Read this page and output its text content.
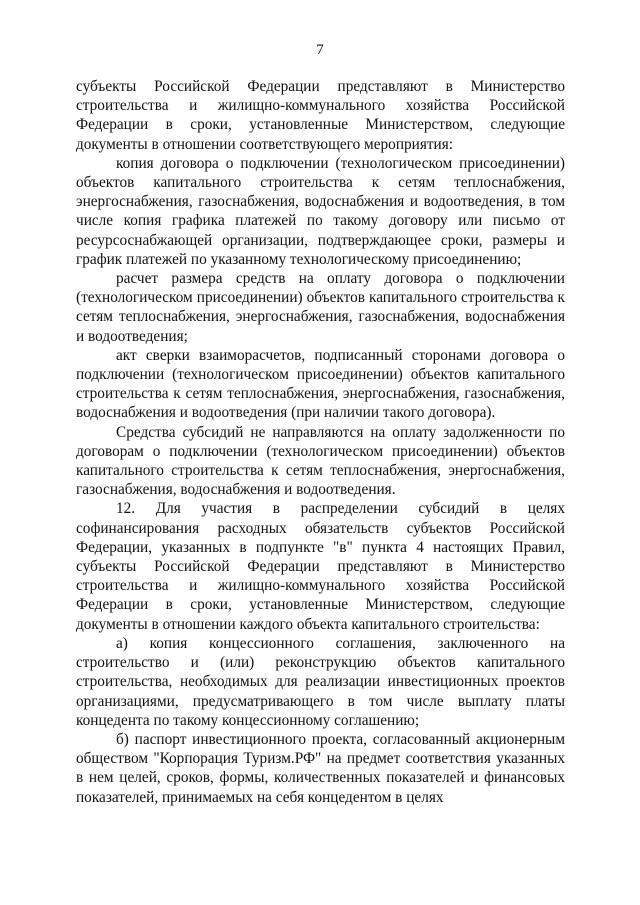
7

субъекты Российской Федерации представляют в Министерство строительства и жилищно-коммунального хозяйства Российской Федерации в сроки, установленные Министерством, следующие документы в отношении соответствующего мероприятия:

копия договора о подключении (технологическом присоединении) объектов капитального строительства к сетям теплоснабжения, энергоснабжения, газоснабжения, водоснабжения и водоотведения, в том числе копия графика платежей по такому договору или письмо от ресурсоснабжающей организации, подтверждающее сроки, размеры и график платежей по указанному технологическому присоединению;

расчет размера средств на оплату договора о подключении (технологическом присоединении) объектов капитального строительства к сетям теплоснабжения, энергоснабжения, газоснабжения, водоснабжения и водоотведения;

акт сверки взаиморасчетов, подписанный сторонами договора о подключении (технологическом присоединении) объектов капитального строительства к сетям теплоснабжения, энергоснабжения, газоснабжения, водоснабжения и водоотведения (при наличии такого договора).

Средства субсидий не направляются на оплату задолженности по договорам о подключении (технологическом присоединении) объектов капитального строительства к сетям теплоснабжения, энергоснабжения, газоснабжения, водоснабжения и водоотведения.

12. Для участия в распределении субсидий в целях софинансирования расходных обязательств субъектов Российской Федерации, указанных в подпункте "в" пункта 4 настоящих Правил, субъекты Российской Федерации представляют в Министерство строительства и жилищно-коммунального хозяйства Российской Федерации в сроки, установленные Министерством, следующие документы в отношении каждого объекта капитального строительства:

а) копия концессионного соглашения, заключенного на строительство и (или) реконструкцию объектов капитального строительства, необходимых для реализации инвестиционных проектов организациями, предусматривающего в том числе выплату платы концедента по такому концессионному соглашению;

б) паспорт инвестиционного проекта, согласованный акционерным обществом "Корпорация Туризм.РФ" на предмет соответствия указанных в нем целей, сроков, формы, количественных показателей и финансовых показателей, принимаемых на себя концедентом в целях
